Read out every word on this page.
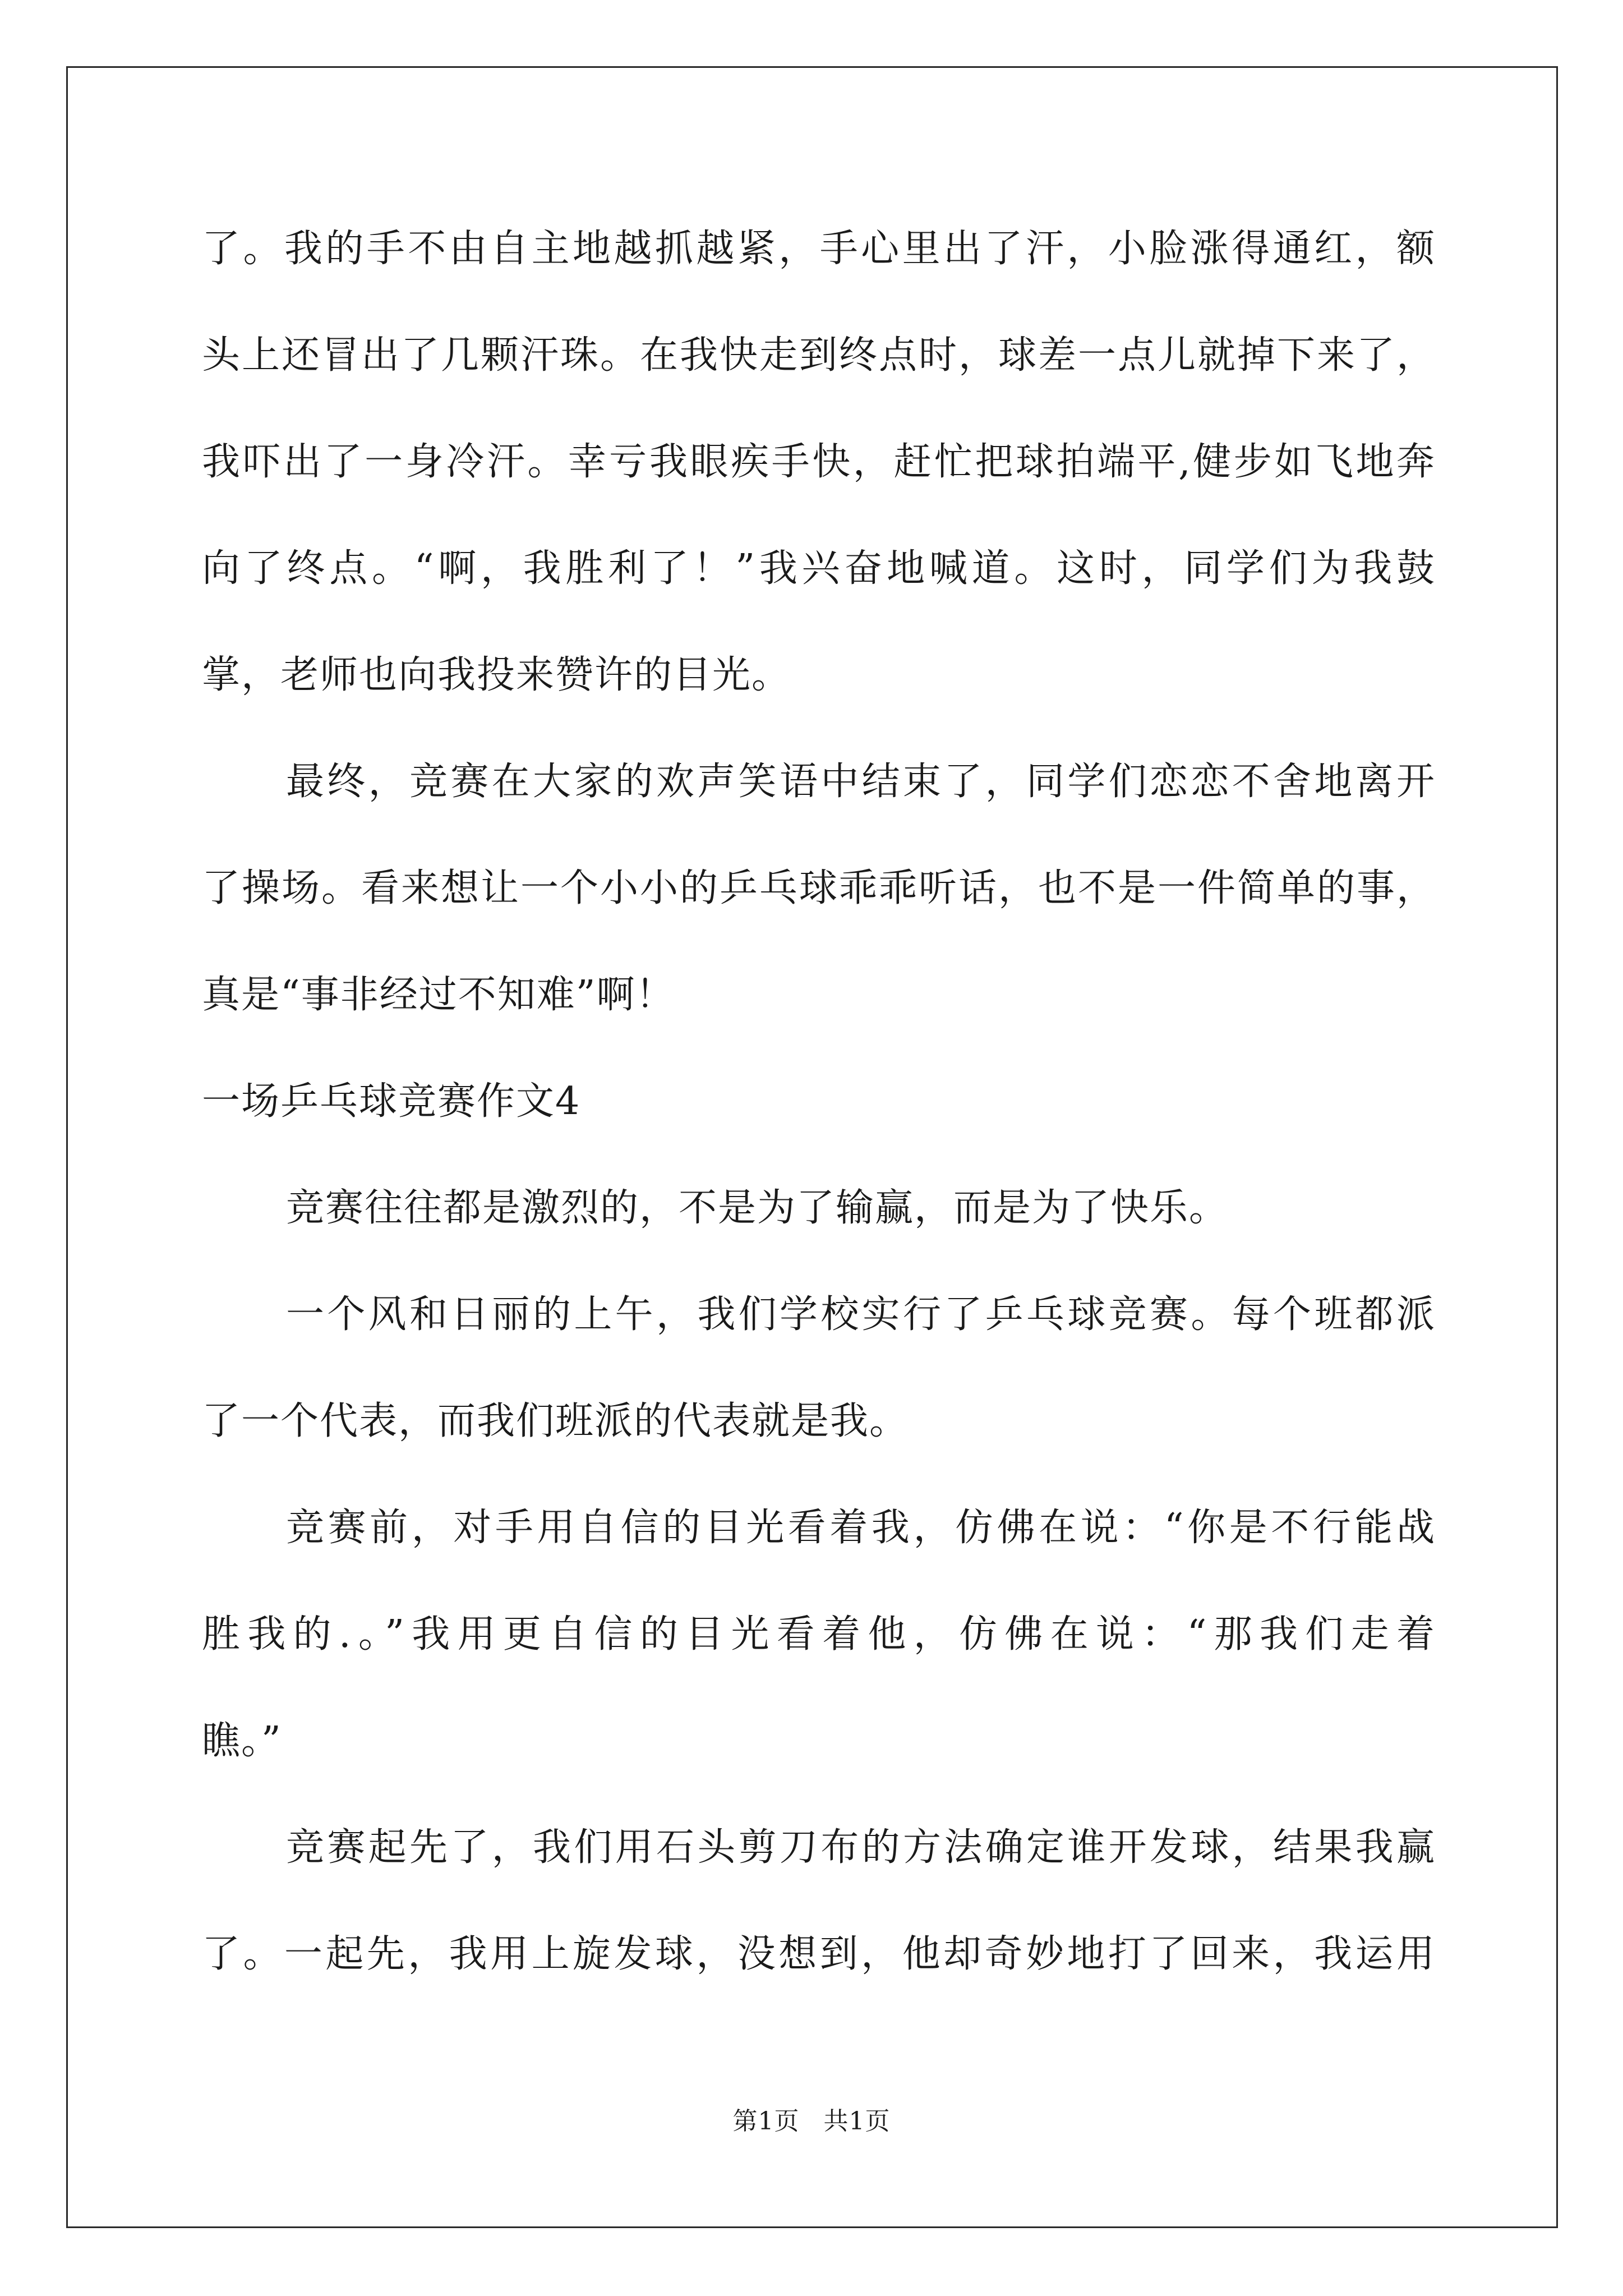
了。我的手不由自主地越抓越紧，手心里出了汗，小脸涨得通红，额
头上还冒出了几颗汗珠。在我快走到终点时，球差一点儿就掉下来了，
我吓出了一身冷汗。幸亏我眼疾手快，赶忙把球拍端平,健步如飞地奔
向了终点。“啊，我胜利了！”我兴奋地喊道。这时，同学们为我鼓
掌，老师也向我投来赞许的目光。
最终，竞赛在大家的欢声笑语中结束了，同学们恋恋不舍地离开
了操场。看来想让一个小小的乒乓球乖乖听话，也不是一件简单的事，
真是“事非经过不知难”啊！
一场乒乓球竞赛作文4
竞赛往往都是激烈的，不是为了输赢，而是为了快乐。
一个风和日丽的上午，我们学校实行了乒乓球竞赛。每个班都派
了一个代表，而我们班派的代表就是我。
竞赛前，对手用自信的目光看着我，仿佛在说：“你是不行能战
胜我的.。”我用更自信的目光看着他，仿佛在说：“那我们走着
瞧。”
竞赛起先了，我们用石头剪刀布的方法确定谁开发球，结果我赢
了。一起先，我用上旋发球，没想到，他却奇妙地打了回来，我运用
第1页 共1页
